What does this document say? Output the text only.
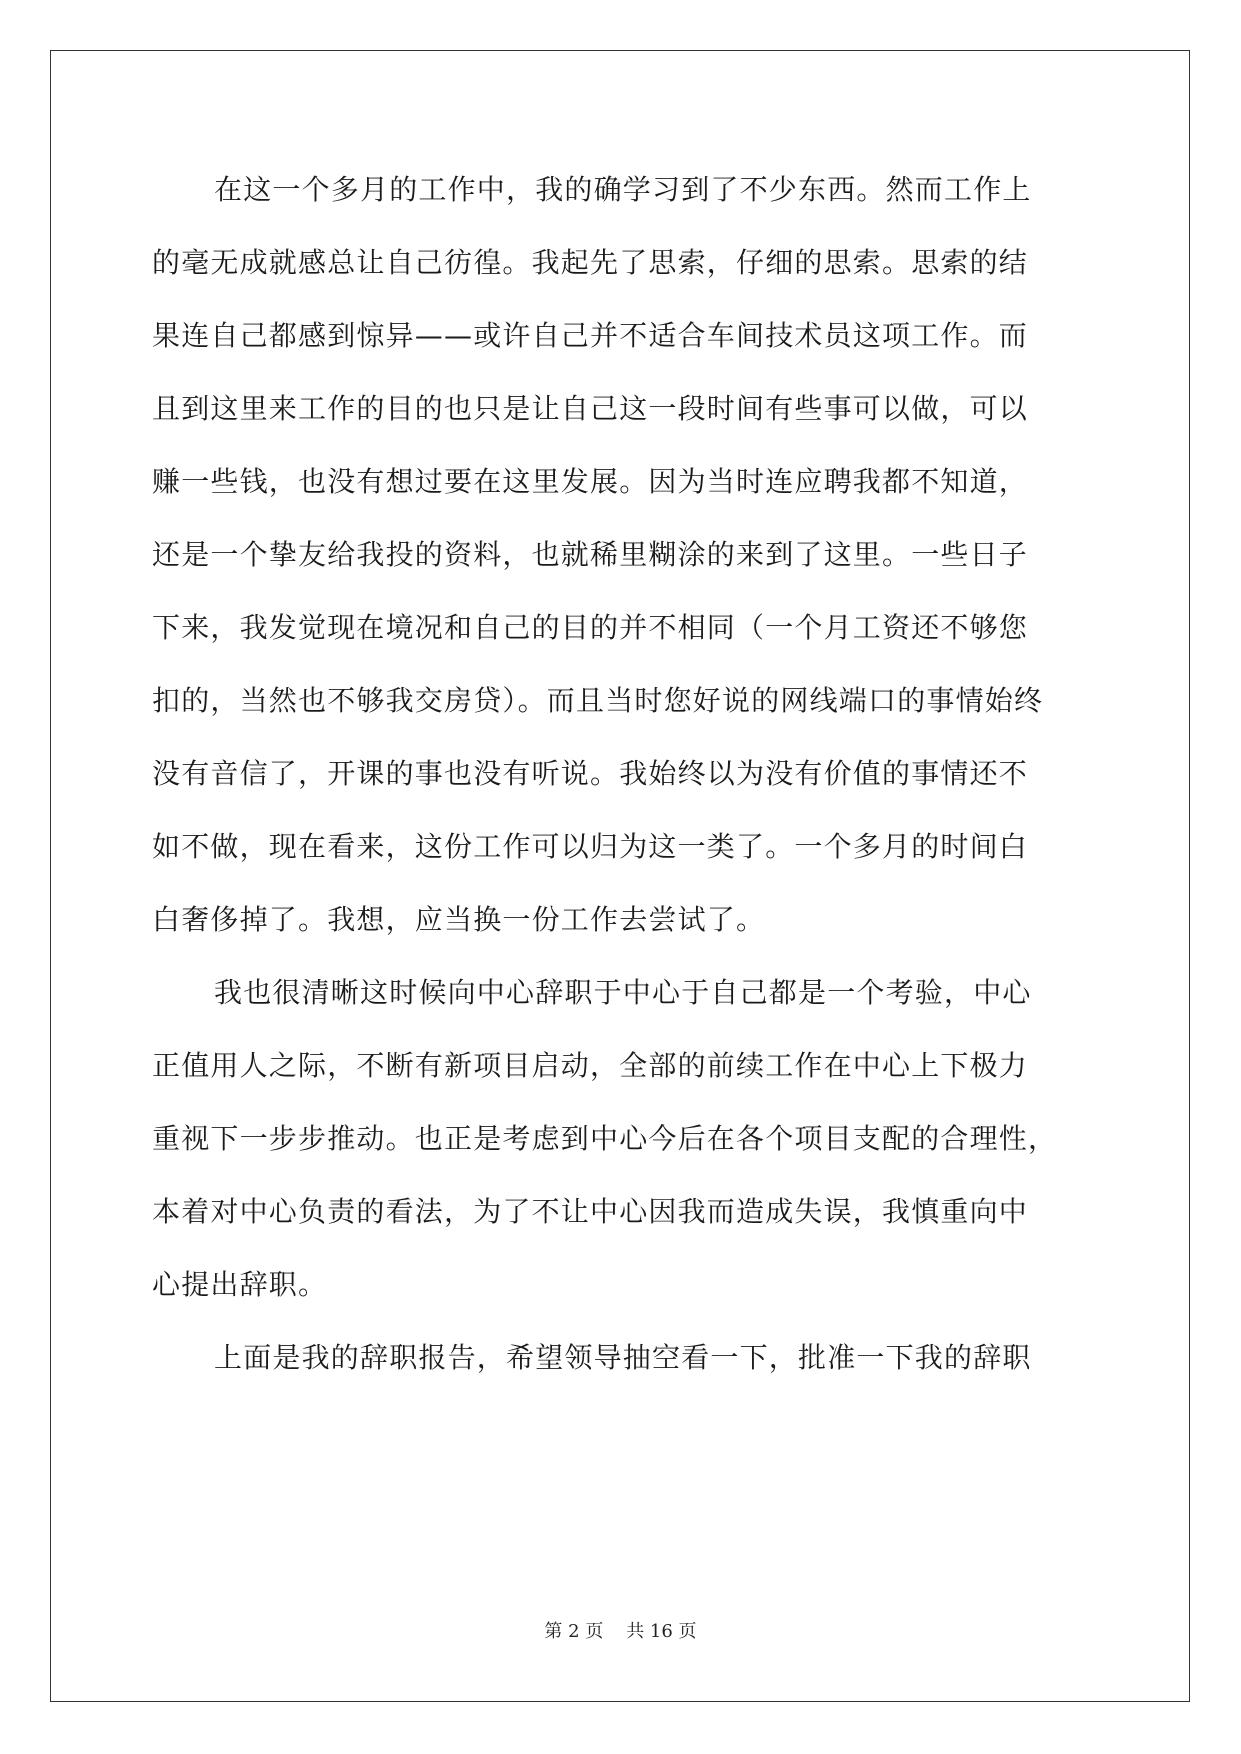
在这一个多月的工作中，我的确学习到了不少东西。然而工作上
的毫无成就感总让自己彷徨。我起先了思索，仔细的思索。思索的结
果连自己都感到惊异——或许自己并不适合车间技术员这项工作。而
且到这里来工作的目的也只是让自己这一段时间有些事可以做，可以
赚一些钱，也没有想过要在这里发展。因为当时连应聘我都不知道，
还是一个挚友给我投的资料，也就稀里糊涂的来到了这里。一些日子
下来，我发觉现在境况和自己的目的并不相同（一个月工资还不够您
扣的，当然也不够我交房贷）。而且当时您好说的网线端口的事情始终
没有音信了，开课的事也没有听说。我始终以为没有价值的事情还不
如不做，现在看来，这份工作可以归为这一类了。一个多月的时间白
白奢侈掉了。我想，应当换一份工作去尝试了。
我也很清晰这时候向中心辞职于中心于自己都是一个考验，中心
正值用人之际，不断有新项目启动，全部的前续工作在中心上下极力
重视下一步步推动。也正是考虑到中心今后在各个项目支配的合理性，
本着对中心负责的看法，为了不让中心因我而造成失误，我慎重向中
心提出辞职。
上面是我的辞职报告，希望领导抽空看一下，批准一下我的辞职
第 2 页    共 16 页
